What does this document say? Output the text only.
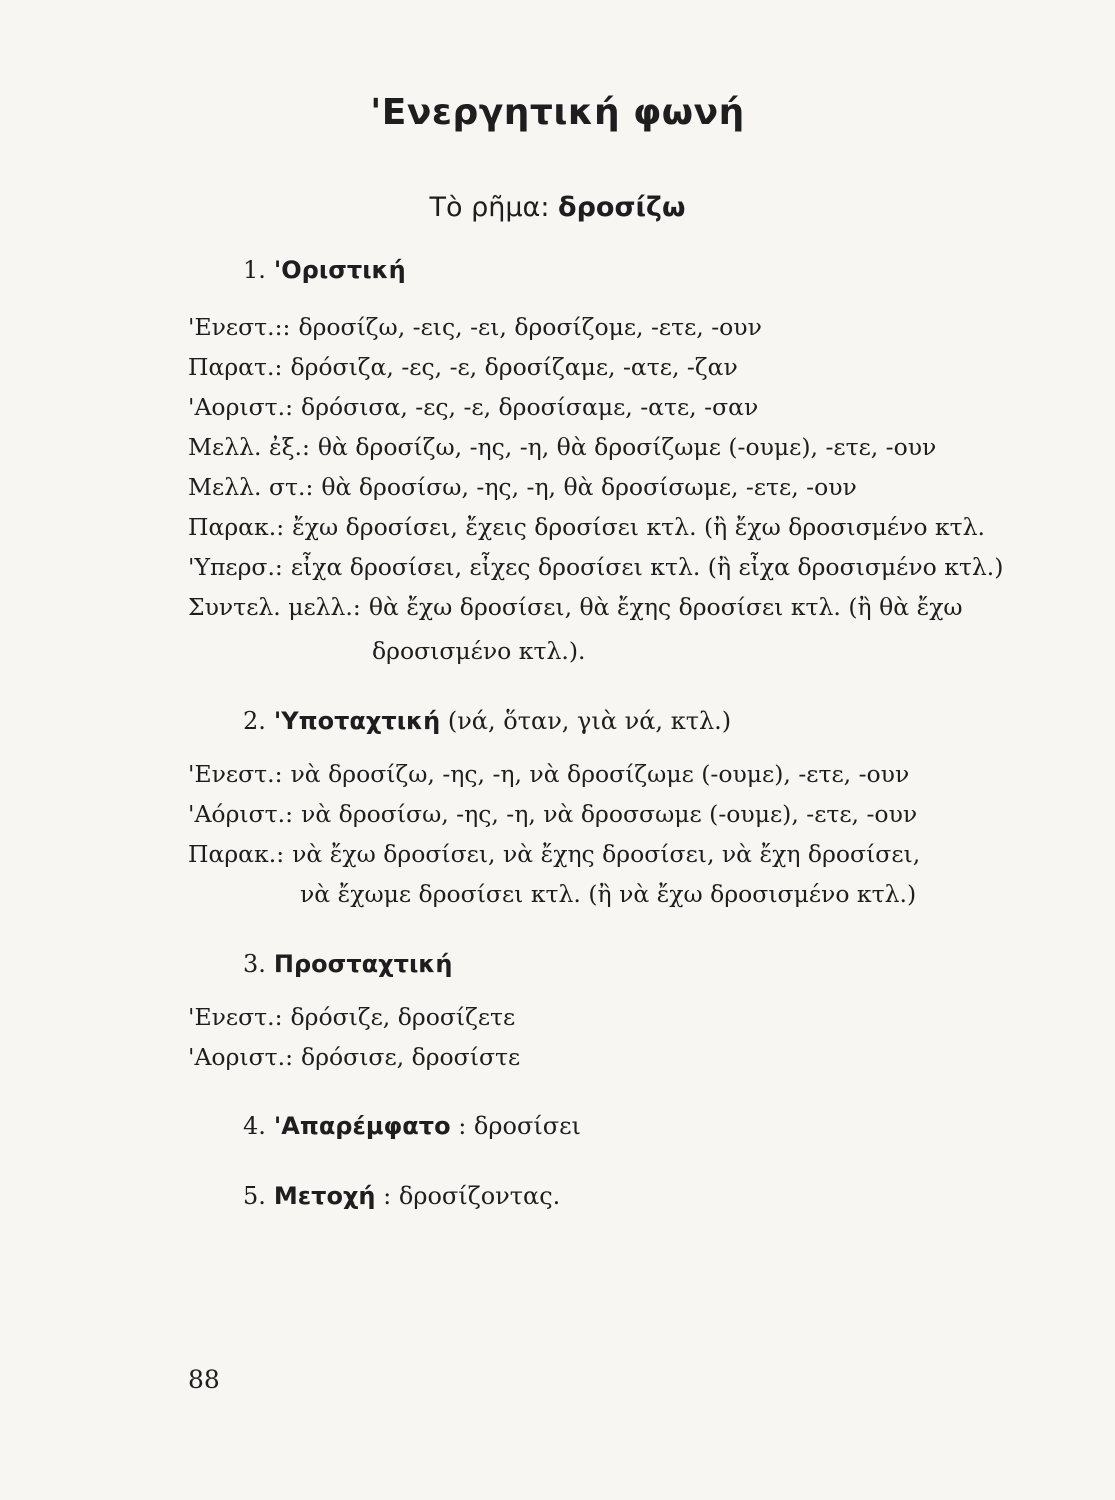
'Ενεργητική φωνή
Τὸ ρῆμα: δροσίζω
1. 'Οριστική
'Ενεστ.:: δροσίζω, -εις, -ει, δροσίζομε, -ετε, -ουν
Παρατ.: δρόσιζα, -ες, -ε, δροσίζαμε, -ατε, -ζαν
'Αοριστ.: δρόσισα, -ες, -ε, δροσίσαμε, -ατε, -σαν
Μελλ. ἐξ.: θὰ δροσίζω, -ης, -η, θὰ δροσίζωμε (-ουμε), -ετε, -ουν
Μελλ. στ.: θὰ δροσίσω, -ης, -η, θὰ δροσίσωμε, -ετε, -ουν
Παρακ.: ἔχω δροσίσει, ἔχεις δροσίσει κτλ. (ἢ ἔχω δροσισμένο κτλ.
'Υπερσ.: εἶχα δροσίσει, εἶχες δροσίσει κτλ. (ἢ εἶχα δροσισμένο κτλ.)
Συντελ. μελλ.: θὰ ἔχω δροσίσει, θὰ ἔχης δροσίσει κτλ. (ἢ θὰ ἔχω
δροσισμένο κτλ.).
2. 'Υποταχτική (νά, ὅταν, γιὰ νά, κτλ.)
'Ενεστ.: νὰ δροσίζω, -ης, -η, νὰ δροσίζωμε (-ουμε), -ετε, -ουν
'Αόριστ.: νὰ δροσίσω, -ης, -η, νὰ δροσσωμε (-ουμε), -ετε, -ουν
Παρακ.: νὰ ἔχω δροσίσει, νὰ ἔχης δροσίσει, νὰ ἔχη δροσίσει,
νὰ ἔχωμε δροσίσει κτλ. (ἢ νὰ ἔχω δροσισμένο κτλ.)
3. Προσταχτική
'Ενεστ.: δρόσιζε, δροσίζετε
'Αοριστ.: δρόσισε, δροσίστε
4. 'Απαρέμφατο : δροσίσει
5. Μετοχή : δροσίζοντας.
88
